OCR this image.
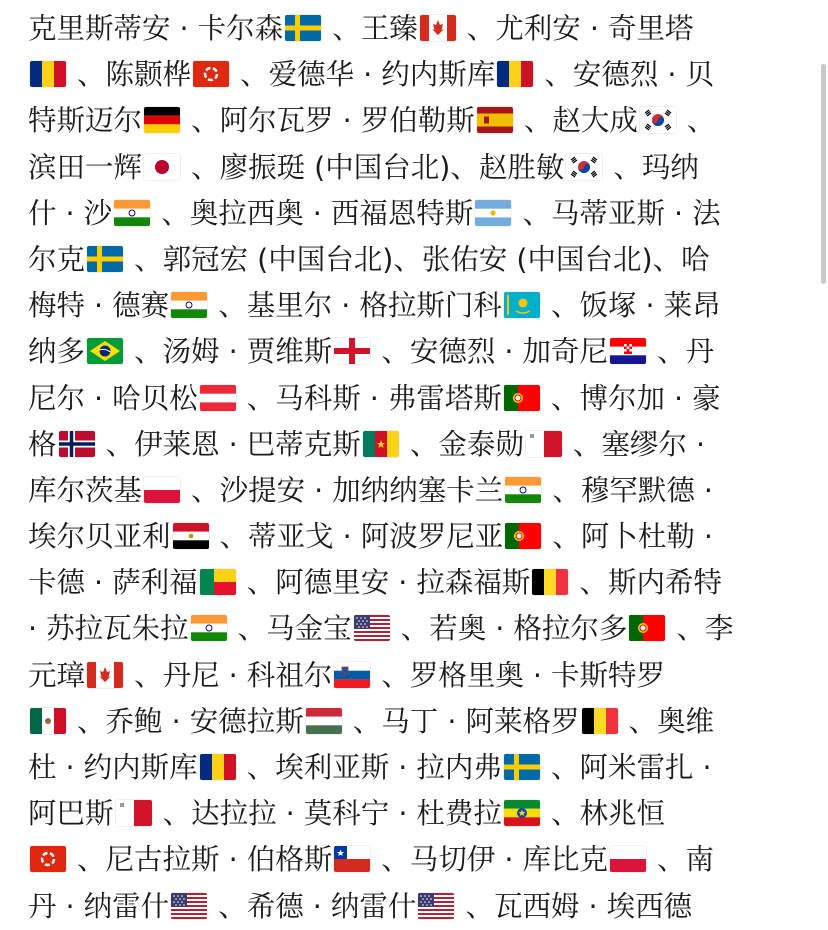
克里斯蒂安 · 卡尔森
、王臻
、尤利安 · 奇里塔
、陈颢桦
、爱德华 · 约内斯库
、安德烈 · 贝
特斯迈尔
、阿尔瓦罗 · 罗伯勒斯
、赵大成
、
滨田一辉
、廖振珽 (中国台北)、赵胜敏
、玛纳
什 · 沙
、奥拉西奥 · 西福恩特斯
、马蒂亚斯 · 法
尔克
、郭冠宏 (中国台北)、张佑安 (中国台北)、哈
梅特 · 德赛
、基里尔 · 格拉斯门科
、饭塚 · 莱昂
纳多
、汤姆 · 贾维斯
、安德烈 · 加奇尼
、丹
尼尔 · 哈贝松
、马科斯 · 弗雷塔斯
、博尔加 · 豪
格
、伊莱恩 · 巴蒂克斯
、金泰勋
、塞缪尔 ·
库尔茨基
、沙提安 · 加纳纳塞卡兰
、穆罕默德 ·
埃尔贝亚利
、蒂亚戈 · 阿波罗尼亚
、阿卜杜勒 ·
卡德 · 萨利福
、阿德里安 · 拉森福斯
、斯内希特
· 苏拉瓦朱拉
、马金宝
、若奥 · 格拉尔多
、李
元璋
、丹尼 · 科祖尔
、罗格里奥 · 卡斯特罗
、乔鲍 · 安德拉斯
、马丁 · 阿莱格罗
、奥维
杜 · 约内斯库
、埃利亚斯 · 拉内弗
、阿米雷扎 ·
阿巴斯
、达拉拉 · 莫科宁 · 杜费拉
、林兆恒
、尼古拉斯 · 伯格斯
、马切伊 · 库比克
、南
丹 · 纳雷什
、希德 · 纳雷什
、瓦西姆 · 埃西德
